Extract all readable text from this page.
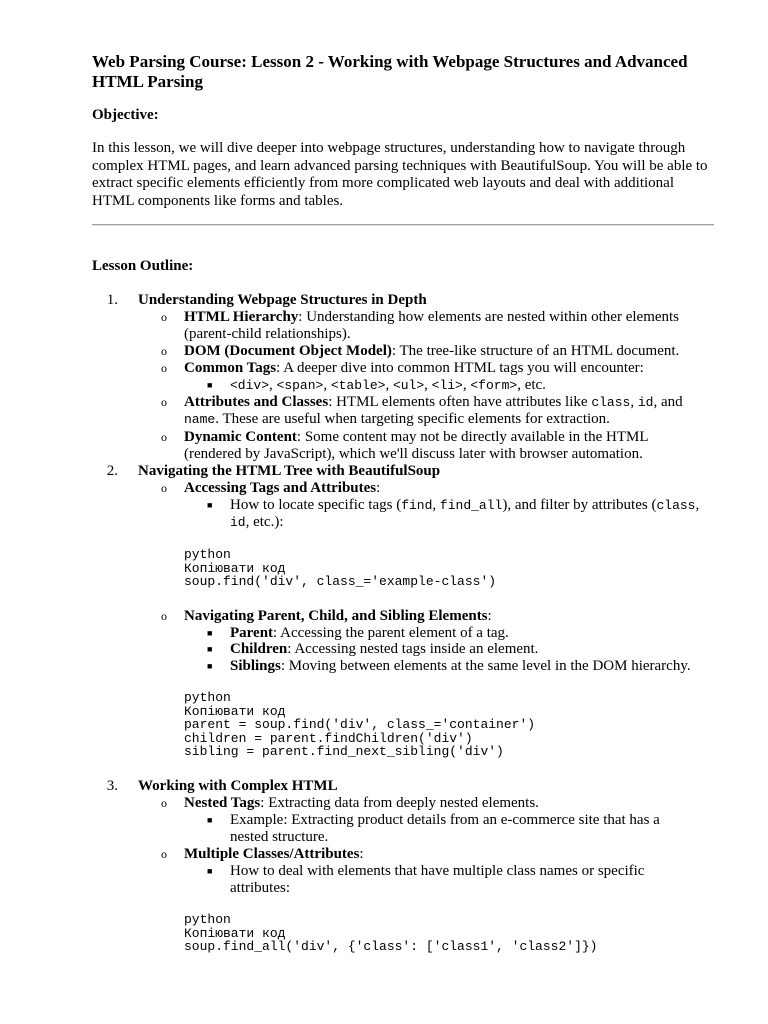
Web Parsing Course: Lesson 2 - Working with Webpage Structures and Advanced HTML Parsing
Objective:
In this lesson, we will dive deeper into webpage structures, understanding how to navigate through complex HTML pages, and learn advanced parsing techniques with BeautifulSoup. You will be able to extract specific elements efficiently from more complicated web layouts and deal with additional HTML components like forms and tables.
Lesson Outline:
1. Understanding Webpage Structures in Depth
o HTML Hierarchy: Understanding how elements are nested within other elements (parent-child relationships).
o DOM (Document Object Model): The tree-like structure of an HTML document.
o Common Tags: A deeper dive into common HTML tags you will encounter:
■ <div>, <span>, <table>, <ul>, <li>, <form>, etc.
o Attributes and Classes: HTML elements often have attributes like class, id, and name. These are useful when targeting specific elements for extraction.
o Dynamic Content: Some content may not be directly available in the HTML (rendered by JavaScript), which we'll discuss later with browser automation.
2. Navigating the HTML Tree with BeautifulSoup
o Accessing Tags and Attributes:
■ How to locate specific tags (find, find_all), and filter by attributes (class, id, etc.):
python
Копіювати код
soup.find('div', class_='example-class')
o Navigating Parent, Child, and Sibling Elements:
■ Parent: Accessing the parent element of a tag.
■ Children: Accessing nested tags inside an element.
■ Siblings: Moving between elements at the same level in the DOM hierarchy.
python
Копіювати код
parent = soup.find('div', class_='container')
children = parent.findChildren('div')
sibling = parent.find_next_sibling('div')
3. Working with Complex HTML
o Nested Tags: Extracting data from deeply nested elements.
■ Example: Extracting product details from an e-commerce site that has a nested structure.
o Multiple Classes/Attributes:
■ How to deal with elements that have multiple class names or specific attributes:
python
Копіювати код
soup.find_all('div', {'class': ['class1', 'class2']})
